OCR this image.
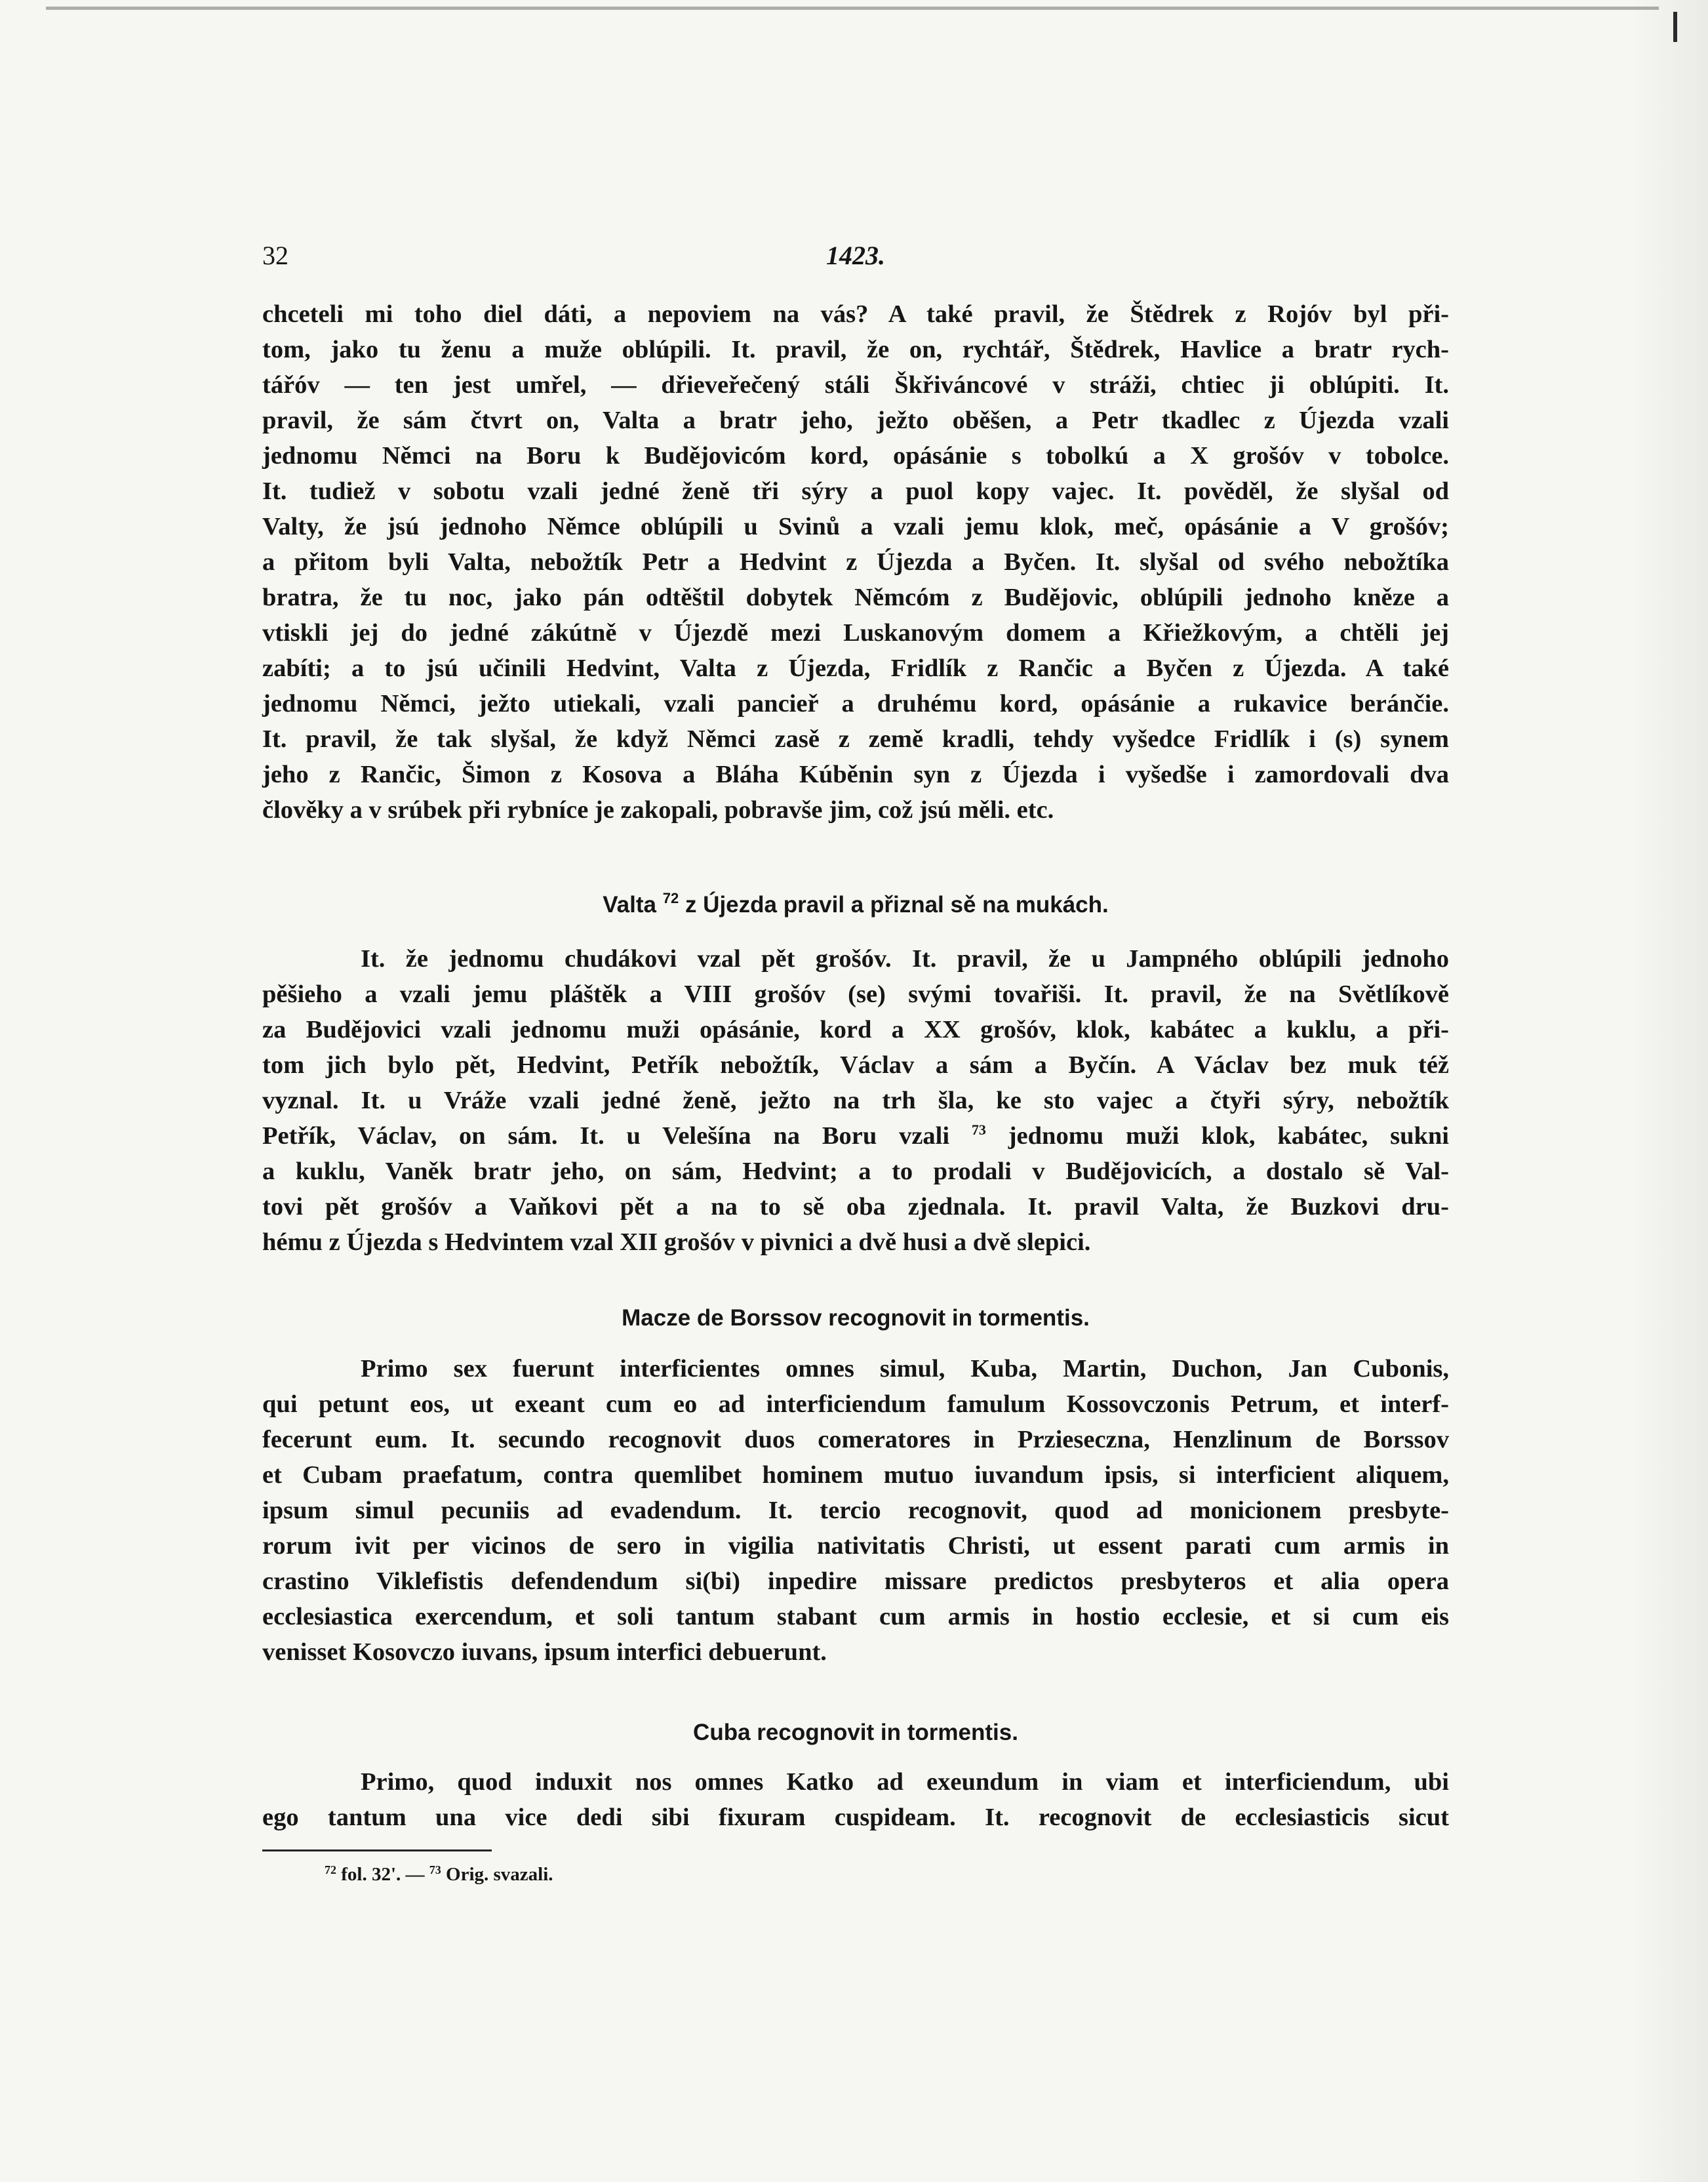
1423.
32
chceteli mi toho diel dáti, a nepoviem na vás? A také pravil, že Štědrek z Rojóv byl při-
tom, jako tu ženu a muže oblúpili. It. pravil, že on, rychtář, Štědrek, Havlice a bratr rych-
tářóv — ten jest umřel, — dřieveřečený stáli Škřiváncové v stráži, chtiec ji oblúpiti. It.
pravil, že sám čtvrt on, Valta a bratr jeho, ježto oběšen, a Petr tkadlec z Újezda vzali
jednomu Němci na Boru k Budějovicóm kord, opásánie s tobolkú a X grošóv v tobolce.
It. tudiež v sobotu vzali jedné ženě tři sýry a puol kopy vajec. It. pověděl, že slyšal od
Valty, že jsú jednoho Němce oblúpili u Svinů a vzali jemu klok, meč, opásánie a V grošóv;
a přitom byli Valta, nebožtík Petr a Hedvint z Újezda a Byčen. It. slyšal od svého nebožtíka
bratra, že tu noc, jako pán odtěštil dobytek Němcóm z Budějovic, oblúpili jednoho kněze a
vtiskli jej do jedné zákútně v Újezdě mezi Luskanovým domem a Křiežkovým, a chtěli jej
zabíti; a to jsú učinili Hedvint, Valta z Újezda, Fridlík z Rančic a Byčen z Újezda. A také
jednomu Němci, ježto utiekali, vzali pancieř a druhému kord, opásánie a rukavice beránčie.
It. pravil, že tak slyšal, že když Němci zasě z země kradli, tehdy vyšedce Fridlík i (s) synem
jeho z Rančic, Šimon z Kosova a Bláha Kúběnin syn z Újezda i vyšedše i zamordovali dva
člověky a v srúbek při rybníce je zakopali, pobravše jim, což jsú měli. etc.
Valta $^{72}$ z Újezda pravil a přiznal sě na mukách.
It. že jednomu chudákovi vzal pět grošóv. It. pravil, že u Jampného oblúpili jednoho
pěšieho a vzali jemu pláštěk a VIII grošóv (se) svými tovařiši. It. pravil, že na Světlíkově
za Budějovici vzali jednomu muži opásánie, kord a XX grošóv, klok, kabátec a kuklu, a při-
tom jich bylo pět, Hedvint, Petřík nebožtík, Václav a sám a Byčín. A Václav bez muk též
vyznal. It. u Vráže vzali jedné ženě, ježto na trh šla, ke sto vajec a čtyři sýry, nebožtík
Petřík, Václav, on sám. It. u Velešína na Boru vzali $^{73}$ jednomu muži klok, kabátec, sukni
a kuklu, Vaněk bratr jeho, on sám, Hedvint; a to prodali v Budějovicích, a dostalo sě Val-
tovi pět grošóv a Vaňkovi pět a na to sě oba zjednala. It. pravil Valta, že Buzkovi dru-
hému z Újezda s Hedvintem vzal XII grošóv v pivnici a dvě husi a dvě slepici.
Macze de Borssov recognovit in tormentis.
Primo sex fuerunt interficientes omnes simul, Kuba, Martin, Duchon, Jan Cubonis,
qui petunt eos, ut exeant cum eo ad interficiendum famulum Kossovczonis Petrum, et interf-
fecerunt eum. It. secundo recognovit duos comeratores in Przieseczna, Henzlinum de Borssov
et Cubam praefatum, contra quemlibet hominem mutuo iuvandum ipsis, si interficient aliquem,
ipsum simul pecuniis ad evadendum. It. tercio recognovit, quod ad monicionem presbyte-
rorum ivit per vicinos de sero in vigilia nativitatis Christi, ut essent parati cum armis in
crastino Viklefistis defendendum si(bi) inpedire missare predictos presbyteros et alia opera
ecclesiastica exercendum, et soli tantum stabant cum armis in hostio ecclesie, et si cum eis
venisset Kosovczo iuvans, ipsum interfici debuerunt.
Cuba recognovit in tormentis.
Primo, quod induxit nos omnes Katko ad exeundum in viam et interficiendum, ubi
ego tantum una vice dedi sibi fixuram cuspideam. It. recognovit de ecclesiasticis sicut
$^{72}$ fol. 32'. — $^{73}$ Orig. svazali.
